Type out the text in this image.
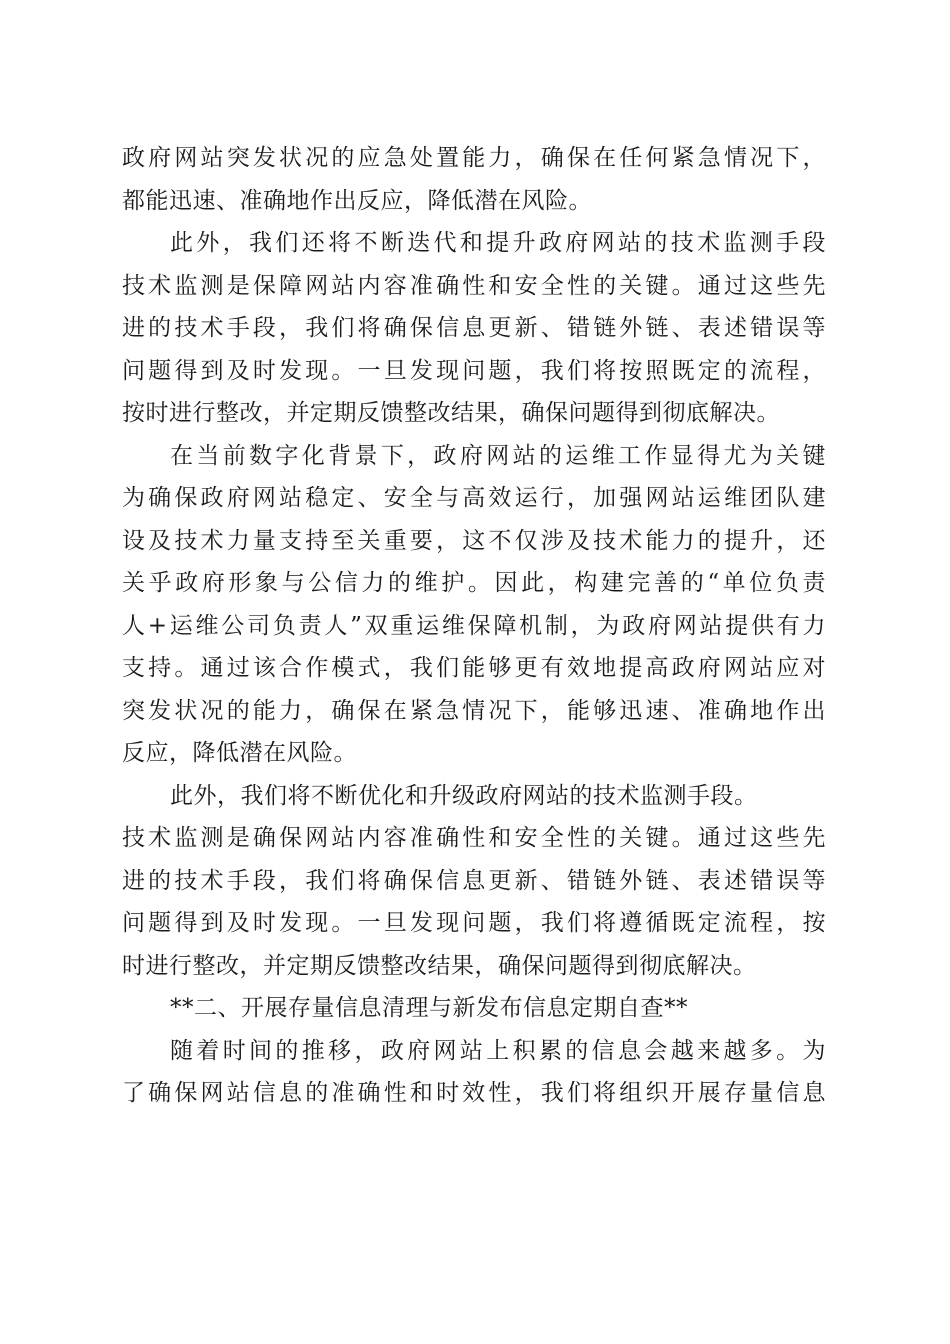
政府网站突发状况的应急处置能力，确保在任何紧急情况下，
都能迅速、准确地作出反应，降低潜在风险。
此外，我们还将不断迭代和提升政府网站的技术监测手段
技术监测是保障网站内容准确性和安全性的关键。通过这些先
进的技术手段，我们将确保信息更新、错链外链、表述错误等
问题得到及时发现。一旦发现问题，我们将按照既定的流程，
按时进行整改，并定期反馈整改结果，确保问题得到彻底解决。
在当前数字化背景下，政府网站的运维工作显得尤为关键
为确保政府网站稳定、安全与高效运行，加强网站运维团队建
设及技术力量支持至关重要，这不仅涉及技术能力的提升，还
关乎政府形象与公信力的维护。因此，构建完善的“单位负责
人+运维公司负责人”双重运维保障机制，为政府网站提供有力
支持。通过该合作模式，我们能够更有效地提高政府网站应对
突发状况的能力，确保在紧急情况下，能够迅速、准确地作出
反应，降低潜在风险。
此外，我们将不断优化和升级政府网站的技术监测手段。
技术监测是确保网站内容准确性和安全性的关键。通过这些先
进的技术手段，我们将确保信息更新、错链外链、表述错误等
问题得到及时发现。一旦发现问题，我们将遵循既定流程，按
时进行整改，并定期反馈整改结果，确保问题得到彻底解决。
**二、开展存量信息清理与新发布信息定期自查**
随着时间的推移，政府网站上积累的信息会越来越多。为
了确保网站信息的准确性和时效性，我们将组织开展存量信息
